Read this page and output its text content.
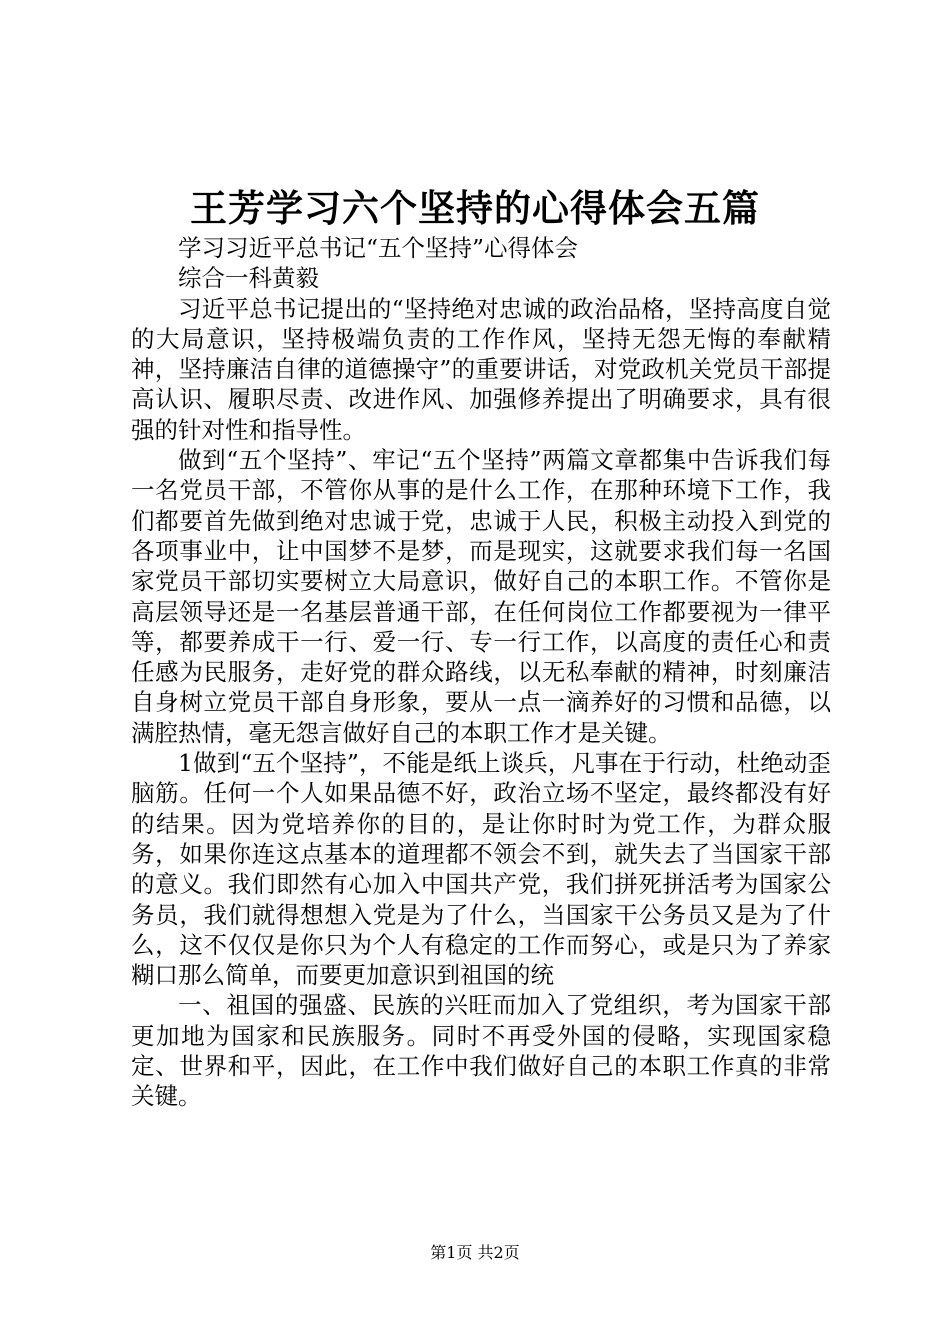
王芳学习六个坚持的心得体会五篇

学习习近平总书记“五个坚持”心得体会

综合一科黄毅

习近平总书记提出的“坚持绝对忠诚的政治品格，坚持高度自觉的大局意识，坚持极端负责的工作作风，坚持无怨无悔的奉献精神，坚持廉洁自律的道德操守”的重要讲话，对党政机关党员干部提高认识、履职尽责、改进作风、加强修养提出了明确要求，具有很强的针对性和指导性。

做到“五个坚持”、牢记“五个坚持”两篇文章都集中告诉我们每一名党员干部，不管你从事的是什么工作，在那种环境下工作，我们都要首先做到绝对忠诚于党，忠诚于人民，积极主动投入到党的各项事业中，让中国梦不是梦，而是现实，这就要求我们每一名国家党员干部切实要树立大局意识，做好自己的本职工作。不管你是高层领导还是一名基层普通干部，在任何岗位工作都要视为一律平等，都要养成干一行、爱一行、专一行工作，以高度的责任心和责任感为民服务，走好党的群众路线，以无私奉献的精神，时刻廉洁自身树立党员干部自身形象，要从一点一滴养好的习惯和品德，以满腔热情，毫无怨言做好自己的本职工作才是关键。

1做到“五个坚持”，不能是纸上谈兵，凡事在于行动，杜绝动歪脑筋。任何一个人如果品德不好，政治立场不坚定，最终都没有好的结果。因为党培养你的目的，是让你时时为党工作，为群众服务，如果你连这点基本的道理都不领会不到，就失去了当国家干部的意义。我们即然有心加入中国共产党，我们拼死拼活考为国家公务员，我们就得想想入党是为了什么，当国家干公务员又是为了什么，这不仅仅是你只为个人有稳定的工作而努心，或是只为了养家糊口那么简单，而要更加意识到祖国的统

一、祖国的强盛、民族的兴旺而加入了党组织，考为国家干部更加地为国家和民族服务。同时不再受外国的侵略，实现国家稳定、世界和平，因此，在工作中我们做好自己的本职工作真的非常关键。

第1页 共2页
